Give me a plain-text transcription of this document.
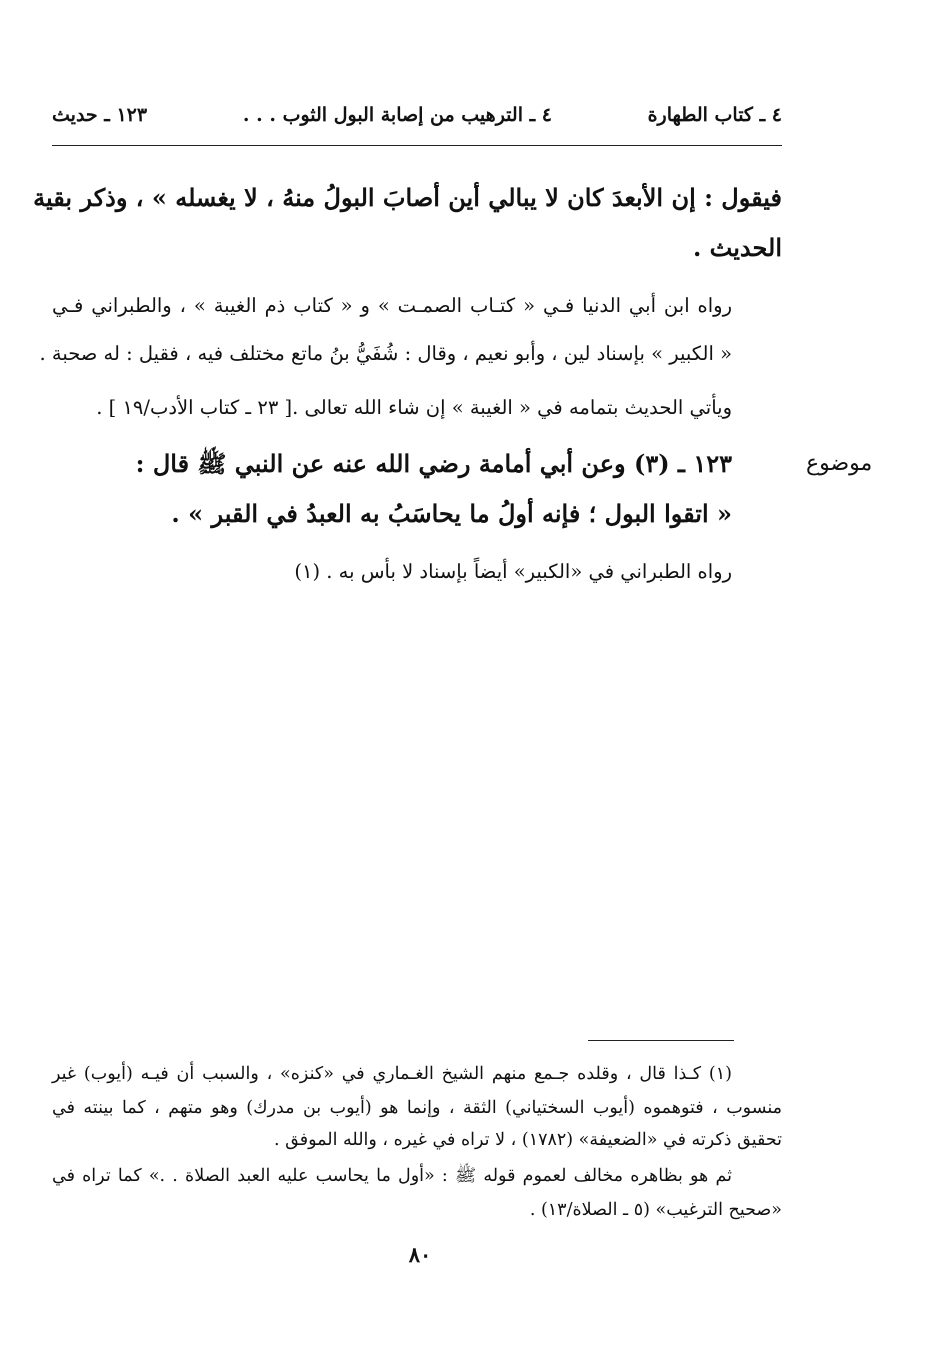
٤ ـ كتاب الطهارة
٤ ـ الترهيب من إصابة البول الثوب . . .
١٢٣ ـ حديث
فيقول : إن الأبعدَ كان لا يبالي أين أصابَ البولُ منهُ ، لا يغسله » ، وذكر بقية
الحديث .
رواه ابن أبي الدنيا فـي « كتـاب الصمـت » و « كتاب ذم الغيبة » ، والطبراني فـي
« الكبير » بإسناد لين ، وأبو نعيم ، وقال : شُفَيُّ بنُ ماتع مختلف فيه ، فقيل : له صحبة .
ويأتي الحديث بتمامه في « الغيبة » إن شاء الله تعالى .[ ٢٣ ـ كتاب الأدب/١٩ ] .
موضوع
١٢٣ ـ (٣) وعن أبي أمامة رضي الله عنه عن النبي ﷺ قال :
« اتقوا البول ؛ فإنه أولُ ما يحاسَبُ به العبدُ في القبر » .
رواه الطبراني في «الكبير» أيضاً بإسناد لا بأس به . (١)
(١) كـذا قال ، وقلده جـمع منهم الشيخ الغـماري في «كنزه» ، والسبب أن فيـه (أيوب) غير
منسوب ، فتوهموه (أيوب السختياني) الثقة ، وإنما هو (أيوب بن مدرك) وهو متهم ، كما بينته في
تحقيق ذكرته في «الضعيفة» (١٧٨٢) ، لا تراه في غيره ، والله الموفق .
ثم هو بظاهره مخالف لعموم قوله ﷺ : «أول ما يحاسب عليه العبد الصلاة . .» كما تراه في
«صحيح الترغيب» (٥ ـ الصلاة/١٣) .
٨٠
